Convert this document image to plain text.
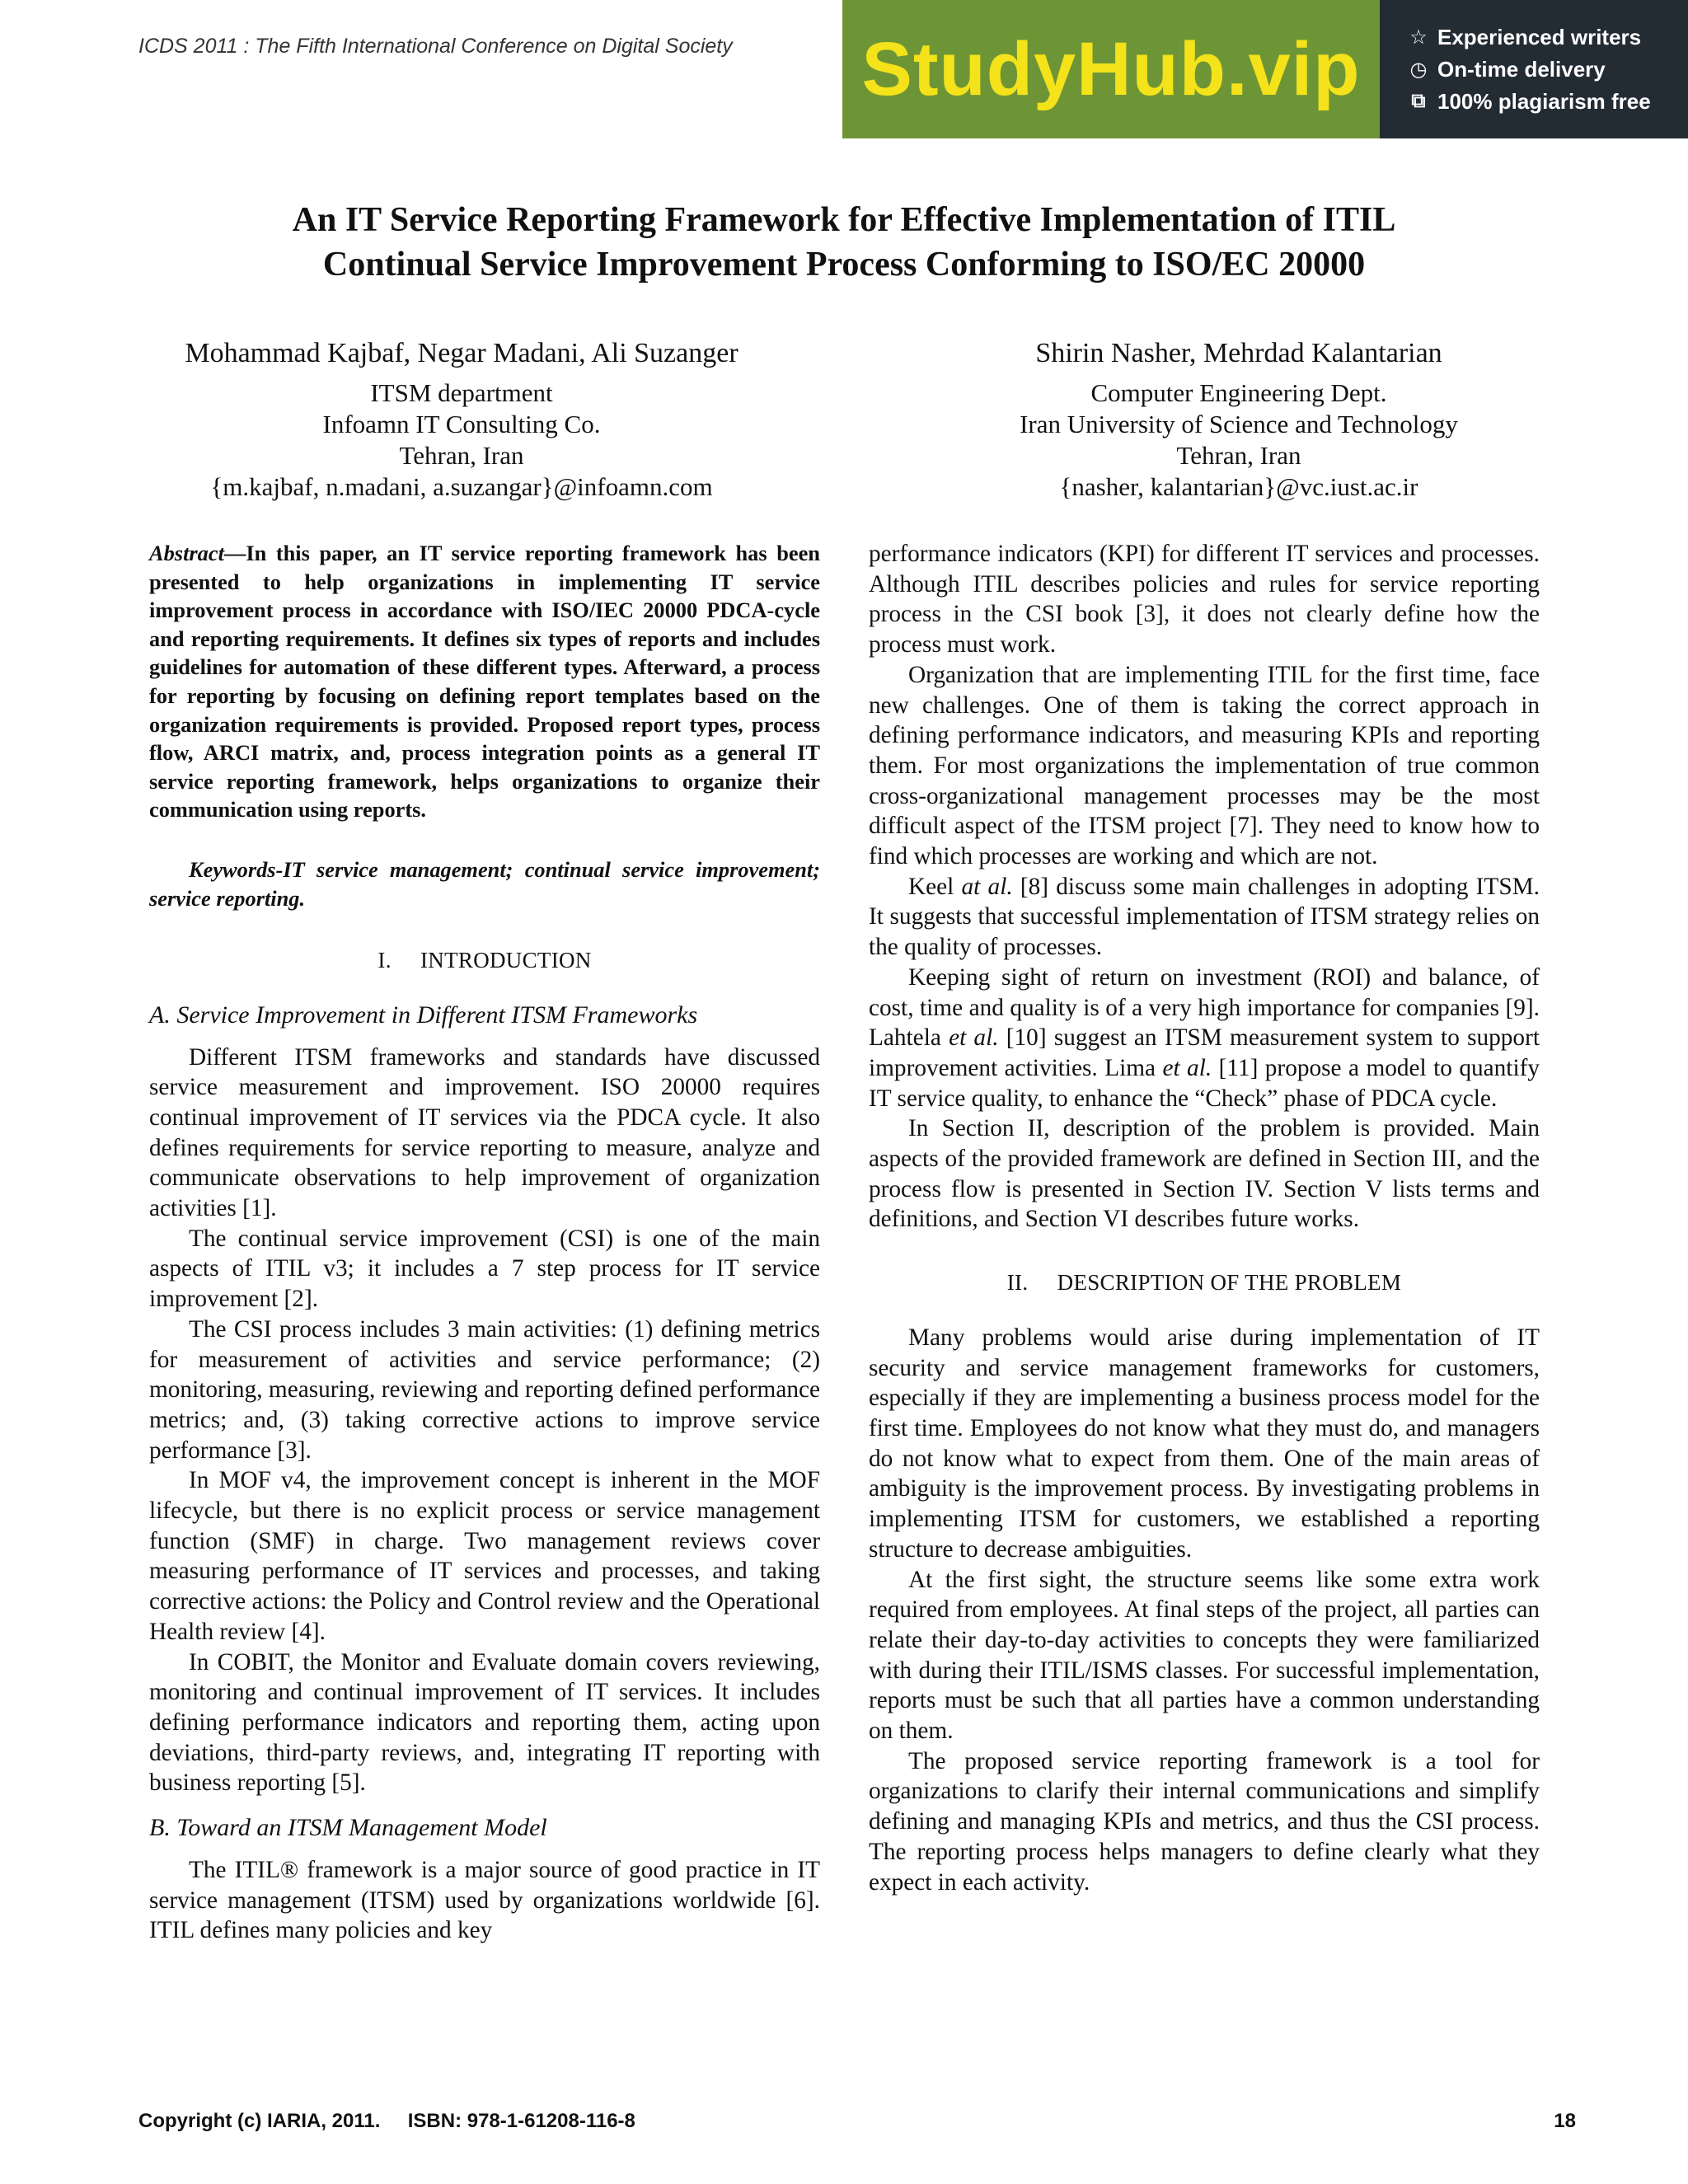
ICDS 2011 : The Fifth International Conference on Digital Society StudyHub.vip ☆ Experienced writers
◷ On-time delivery
⧉ 100% plagiarism free
An IT Service Reporting Framework for Effective Implementation of ITIL
Continual Service Improvement Process Conforming to ISO/EC 20000
Mohammad Kajbaf, Negar Madani, Ali Suzanger
ITSM department
Infoamn IT Consulting Co.
Tehran, Iran
{m.kajbaf, n.madani, a.suzangar}@infoamn.com
Shirin Nasher, Mehrdad Kalantarian
Computer Engineering Dept.
Iran University of Science and Technology
Tehran, Iran
{nasher, kalantarian}@vc.iust.ac.ir

Abstract—In this paper, an IT service reporting framework has been presented to help organizations in implementing IT service improvement process in accordance with ISO/IEC 20000 PDCA-cycle and reporting requirements. It defines six types of reports and includes guidelines for automation of these different types. Afterward, a process for reporting by focusing on defining report templates based on the organization requirements is provided. Proposed report types, process flow, ARCI matrix, and, process integration points as a general IT service reporting framework, helps organizations to organize their communication using reports.

Keywords-IT service management; continual service improvement; service reporting.

I. INTRODUCTION
A. Service Improvement in Different ITSM Frameworks

Different ITSM frameworks and standards have discussed service measurement and improvement. ISO 20000 requires continual improvement of IT services via the PDCA cycle. It also defines requirements for service reporting to measure, analyze and communicate observations to help improvement of organization activities [1].

The continual service improvement (CSI) is one of the main aspects of ITIL v3; it includes a 7 step process for IT service improvement [2].

The CSI process includes 3 main activities: (1) defining metrics for measurement of activities and service performance; (2) monitoring, measuring, reviewing and reporting defined performance metrics; and, (3) taking corrective actions to improve service performance [3].

In MOF v4, the improvement concept is inherent in the MOF lifecycle, but there is no explicit process or service management function (SMF) in charge. Two management reviews cover measuring performance of IT services and processes, and taking corrective actions: the Policy and Control review and the Operational Health review [4].

In COBIT, the Monitor and Evaluate domain covers reviewing, monitoring and continual improvement of IT services. It includes defining performance indicators and reporting them, acting upon deviations, third-party reviews, and, integrating IT reporting with business reporting [5].

B. Toward an ITSM Management Model

The ITIL® framework is a major source of good practice in IT service management (ITSM) used by organizations worldwide [6]. ITIL defines many policies and key

performance indicators (KPI) for different IT services and processes. Although ITIL describes policies and rules for service reporting process in the CSI book [3], it does not clearly define how the process must work.

Organization that are implementing ITIL for the first time, face new challenges. One of them is taking the correct approach in defining performance indicators, and measuring KPIs and reporting them. For most organizations the implementation of true common cross-organizational management processes may be the most difficult aspect of the ITSM project [7]. They need to know how to find which processes are working and which are not.

Keel at al. [8] discuss some main challenges in adopting ITSM. It suggests that successful implementation of ITSM strategy relies on the quality of processes.

Keeping sight of return on investment (ROI) and balance, of cost, time and quality is of a very high importance for companies [9]. Lahtela et al. [10] suggest an ITSM measurement system to support improvement activities. Lima et al. [11] propose a model to quantify IT service quality, to enhance the “Check” phase of PDCA cycle.

In Section II, description of the problem is provided. Main aspects of the provided framework are defined in Section III, and the process flow is presented in Section IV. Section V lists terms and definitions, and Section VI describes future works.

II. DESCRIPTION OF THE PROBLEM

Many problems would arise during implementation of IT security and service management frameworks for customers, especially if they are implementing a business process model for the first time. Employees do not know what they must do, and managers do not know what to expect from them. One of the main areas of ambiguity is the improvement process. By investigating problems in implementing ITSM for customers, we established a reporting structure to decrease ambiguities.

At the first sight, the structure seems like some extra work required from employees. At final steps of the project, all parties can relate their day-to-day activities to concepts they were familiarized with during their ITIL/ISMS classes. For successful implementation, reports must be such that all parties have a common understanding on them.

The proposed service reporting framework is a tool for organizations to clarify their internal communications and simplify defining and managing KPIs and metrics, and thus the CSI process. The reporting process helps managers to define clearly what they expect in each activity.

Copyright (c) IARIA, 2011.     ISBN: 978-1-61208-116-8	18
